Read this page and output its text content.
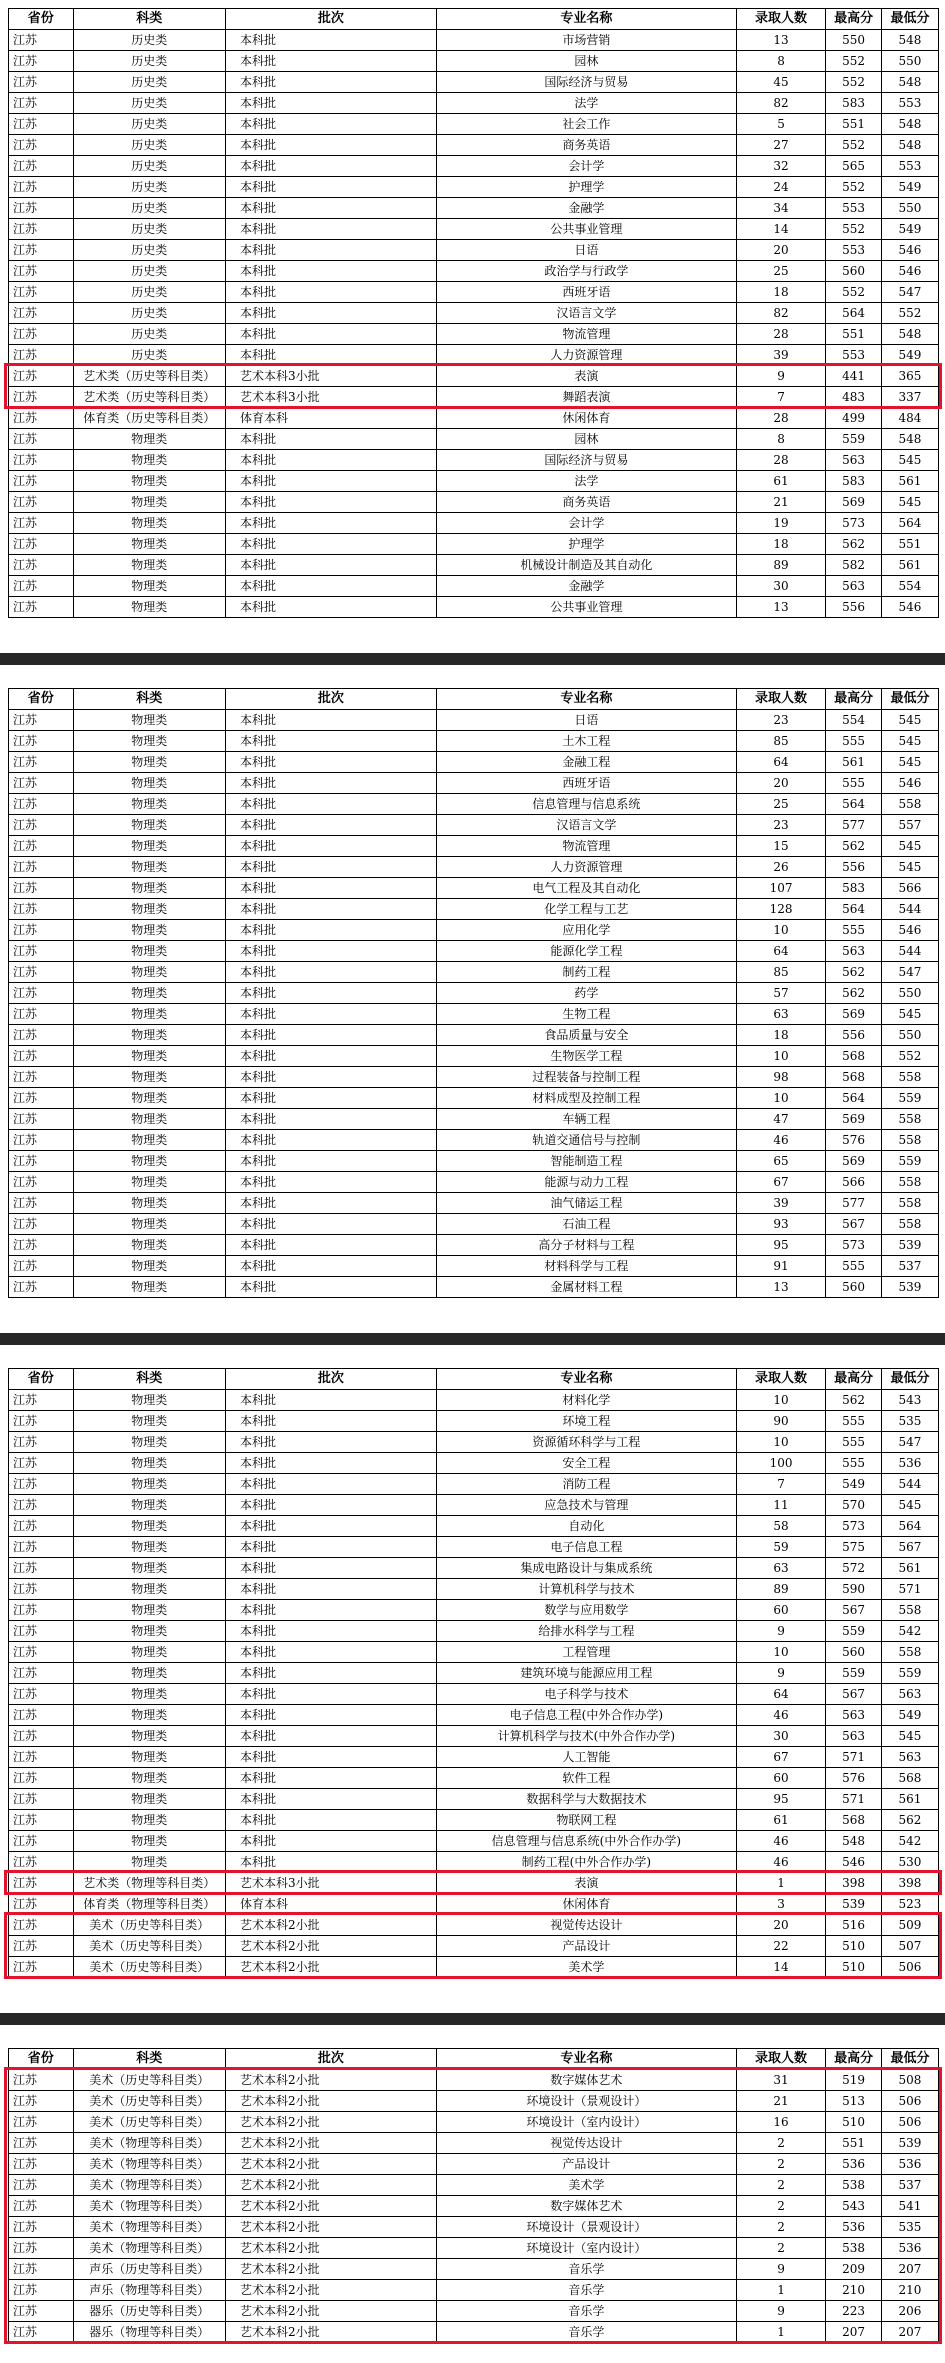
省份	科类	批次	专业名称	录取人数	最高分	最低分
江苏	历史类	本科批	市场营销	13	550	548
江苏	历史类	本科批	园林	8	552	550
江苏	历史类	本科批	国际经济与贸易	45	552	548
江苏	历史类	本科批	法学	82	583	553
江苏	历史类	本科批	社会工作	5	551	548
江苏	历史类	本科批	商务英语	27	552	548
江苏	历史类	本科批	会计学	32	565	553
江苏	历史类	本科批	护理学	24	552	549
江苏	历史类	本科批	金融学	34	553	550
江苏	历史类	本科批	公共事业管理	14	552	549
江苏	历史类	本科批	日语	20	553	546
江苏	历史类	本科批	政治学与行政学	25	560	546
江苏	历史类	本科批	西班牙语	18	552	547
江苏	历史类	本科批	汉语言文学	82	564	552
江苏	历史类	本科批	物流管理	28	551	548
江苏	历史类	本科批	人力资源管理	39	553	549
江苏	艺术类（历史等科目类）	艺术本科3小批	表演	9	441	365
江苏	艺术类（历史等科目类）	艺术本科3小批	舞蹈表演	7	483	337
江苏	体育类（历史等科目类）	体育本科	休闲体育	28	499	484
江苏	物理类	本科批	园林	8	559	548
江苏	物理类	本科批	国际经济与贸易	28	563	545
江苏	物理类	本科批	法学	61	583	561
江苏	物理类	本科批	商务英语	21	569	545
江苏	物理类	本科批	会计学	19	573	564
江苏	物理类	本科批	护理学	18	562	551
江苏	物理类	本科批	机械设计制造及其自动化	89	582	561
江苏	物理类	本科批	金融学	30	563	554
江苏	物理类	本科批	公共事业管理	13	556	546
省份	科类	批次	专业名称	录取人数	最高分	最低分
江苏	物理类	本科批	日语	23	554	545
江苏	物理类	本科批	土木工程	85	555	545
江苏	物理类	本科批	金融工程	64	561	545
江苏	物理类	本科批	西班牙语	20	555	546
江苏	物理类	本科批	信息管理与信息系统	25	564	558
江苏	物理类	本科批	汉语言文学	23	577	557
江苏	物理类	本科批	物流管理	15	562	545
江苏	物理类	本科批	人力资源管理	26	556	545
江苏	物理类	本科批	电气工程及其自动化	107	583	566
江苏	物理类	本科批	化学工程与工艺	128	564	544
江苏	物理类	本科批	应用化学	10	555	546
江苏	物理类	本科批	能源化学工程	64	563	544
江苏	物理类	本科批	制药工程	85	562	547
江苏	物理类	本科批	药学	57	562	550
江苏	物理类	本科批	生物工程	63	569	545
江苏	物理类	本科批	食品质量与安全	18	556	550
江苏	物理类	本科批	生物医学工程	10	568	552
江苏	物理类	本科批	过程装备与控制工程	98	568	558
江苏	物理类	本科批	材料成型及控制工程	10	564	559
江苏	物理类	本科批	车辆工程	47	569	558
江苏	物理类	本科批	轨道交通信号与控制	46	576	558
江苏	物理类	本科批	智能制造工程	65	569	559
江苏	物理类	本科批	能源与动力工程	67	566	558
江苏	物理类	本科批	油气储运工程	39	577	558
江苏	物理类	本科批	石油工程	93	567	558
江苏	物理类	本科批	高分子材料与工程	95	573	539
江苏	物理类	本科批	材料科学与工程	91	555	537
江苏	物理类	本科批	金属材料工程	13	560	539
省份	科类	批次	专业名称	录取人数	最高分	最低分
江苏	物理类	本科批	材料化学	10	562	543
江苏	物理类	本科批	环境工程	90	555	535
江苏	物理类	本科批	资源循环科学与工程	10	555	547
江苏	物理类	本科批	安全工程	100	555	536
江苏	物理类	本科批	消防工程	7	549	544
江苏	物理类	本科批	应急技术与管理	11	570	545
江苏	物理类	本科批	自动化	58	573	564
江苏	物理类	本科批	电子信息工程	59	575	567
江苏	物理类	本科批	集成电路设计与集成系统	63	572	561
江苏	物理类	本科批	计算机科学与技术	89	590	571
江苏	物理类	本科批	数学与应用数学	60	567	558
江苏	物理类	本科批	给排水科学与工程	9	559	542
江苏	物理类	本科批	工程管理	10	560	558
江苏	物理类	本科批	建筑环境与能源应用工程	9	559	559
江苏	物理类	本科批	电子科学与技术	64	567	563
江苏	物理类	本科批	电子信息工程(中外合作办学)	46	563	549
江苏	物理类	本科批	计算机科学与技术(中外合作办学)	30	563	545
江苏	物理类	本科批	人工智能	67	571	563
江苏	物理类	本科批	软件工程	60	576	568
江苏	物理类	本科批	数据科学与大数据技术	95	571	561
江苏	物理类	本科批	物联网工程	61	568	562
江苏	物理类	本科批	信息管理与信息系统(中外合作办学)	46	548	542
江苏	物理类	本科批	制药工程(中外合作办学)	46	546	530
江苏	艺术类（物理等科目类）	艺术本科3小批	表演	1	398	398
江苏	体育类（物理等科目类）	体育本科	休闲体育	3	539	523
江苏	美术（历史等科目类）	艺术本科2小批	视觉传达设计	20	516	509
江苏	美术（历史等科目类）	艺术本科2小批	产品设计	22	510	507
江苏	美术（历史等科目类）	艺术本科2小批	美术学	14	510	506
省份	科类	批次	专业名称	录取人数	最高分	最低分
江苏	美术（历史等科目类）	艺术本科2小批	数字媒体艺术	31	519	508
江苏	美术（历史等科目类）	艺术本科2小批	环境设计（景观设计）	21	513	506
江苏	美术（历史等科目类）	艺术本科2小批	环境设计（室内设计）	16	510	506
江苏	美术（物理等科目类）	艺术本科2小批	视觉传达设计	2	551	539
江苏	美术（物理等科目类）	艺术本科2小批	产品设计	2	536	536
江苏	美术（物理等科目类）	艺术本科2小批	美术学	2	538	537
江苏	美术（物理等科目类）	艺术本科2小批	数字媒体艺术	2	543	541
江苏	美术（物理等科目类）	艺术本科2小批	环境设计（景观设计）	2	536	535
江苏	美术（物理等科目类）	艺术本科2小批	环境设计（室内设计）	2	538	536
江苏	声乐（历史等科目类）	艺术本科2小批	音乐学	9	209	207
江苏	声乐（物理等科目类）	艺术本科2小批	音乐学	1	210	210
江苏	器乐（历史等科目类）	艺术本科2小批	音乐学	9	223	206
江苏	器乐（物理等科目类）	艺术本科2小批	音乐学	1	207	207
